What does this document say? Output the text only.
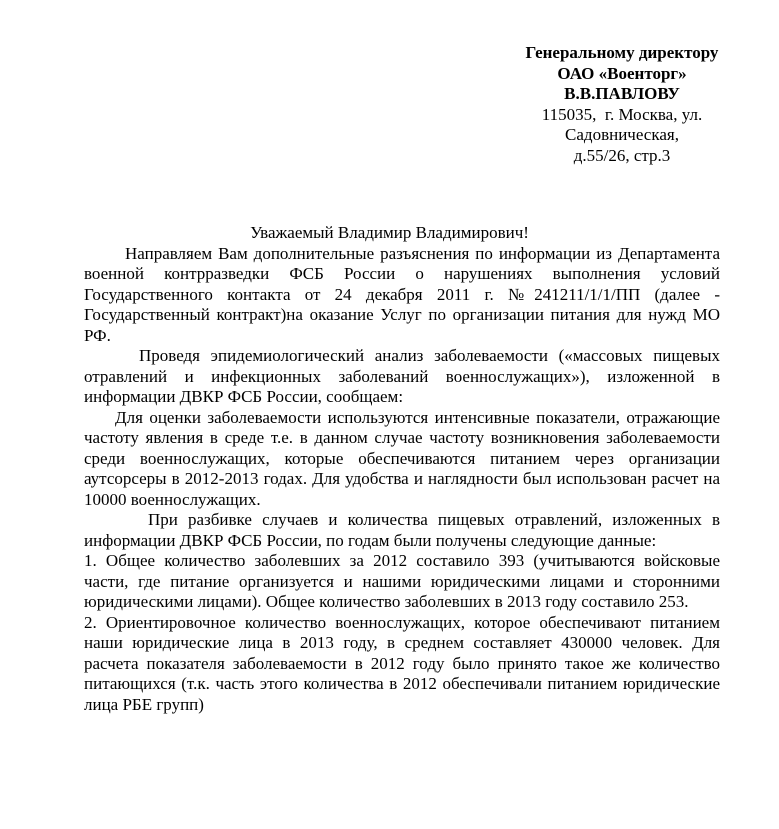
Генеральному директору
ОАО «Военторг»
В.В.ПАВЛОВУ
115035,  г. Москва, ул.
Садовническая,
д.55/26, стр.3
Уважаемый Владимир Владимирович!

Направляем Вам дополнительные разъяснения по информации из Департамента военной контрразведки ФСБ России о нарушениях выполнения условий Государственного контакта от 24 декабря 2011 г. №241211/1/1/ПП (далее - Государственный контракт)на оказание Услуг по организации питания для нужд МО РФ.

Проведя эпидемиологический анализ заболеваемости («массовых пищевых отравлений и инфекционных заболеваний военнослужащих»), изложенной в информации ДВКР ФСБ России, сообщаем:

Для оценки заболеваемости используются интенсивные показатели, отражающие частоту явления в среде т.е. в данном случае частоту возникновения заболеваемости среди военнослужащих, которые обеспечиваются питанием через организации аутсорсеры в 2012-2013 годах. Для удобства и наглядности был использован расчет на 10000 военнослужащих.

При разбивке случаев и количества пищевых отравлений, изложенных в информации ДВКР ФСБ России, по годам были получены следующие данные:

1. Общее количество заболевших за 2012 составило 393 (учитываются войсковые части, где питание организуется и нашими юридическими лицами и сторонними юридическими лицами). Общее количество заболевших в 2013 году составило 253.

2. Ориентировочное количество военнослужащих, которое обеспечивают питанием наши юридические лица в 2013 году, в среднем составляет 430000 человек. Для расчета показателя заболеваемости в 2012 году было принято такое же количество питающихся (т.к. часть этого количества в 2012 обеспечивали питанием юридические лица РБЕ групп)
